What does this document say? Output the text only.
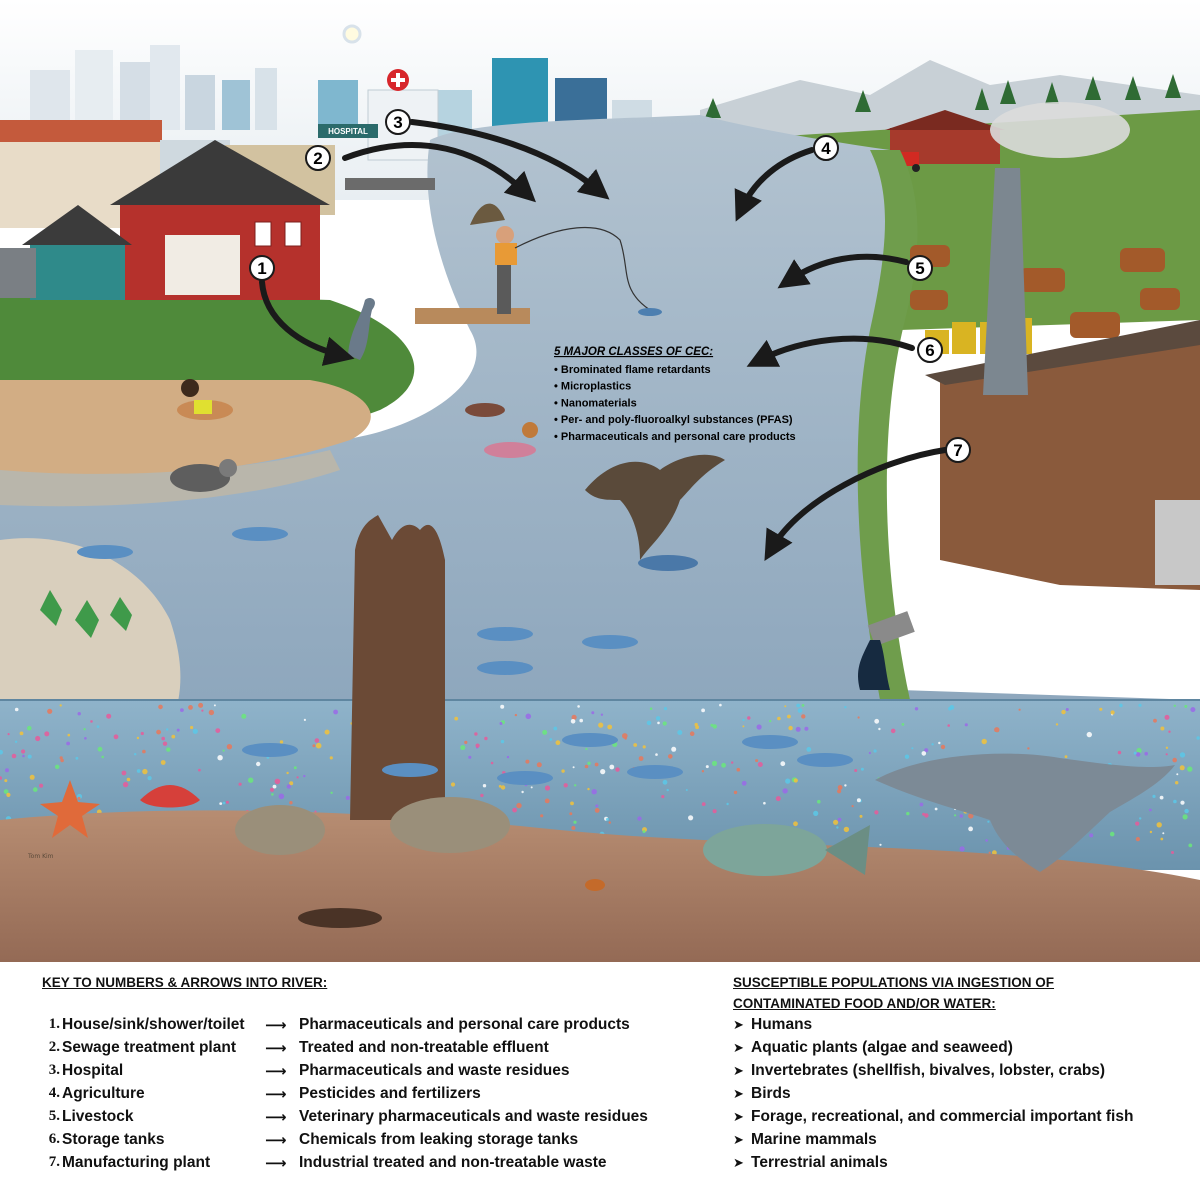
HOSPITAL
Tom Kim
1
2
3
4
5
6
7
5 MAJOR CLASSES OF CEC:
• Brominated flame retardants
• Microplastics
• Nanomaterials
• Per- and poly-fluoroalkyl substances (PFAS)
• Pharmaceuticals and personal care products
KEY TO NUMBERS & ARROWS INTO RIVER:	SUSCEPTIBLE POPULATIONS VIA INGESTION OF CONTAMINATED FOOD AND/OR WATER:
1. House/sink/shower/toilet ⟶ Pharmaceuticals and personal care products
2. Sewage treatment plant ⟶ Treated and non-treatable effluent
3. Hospital	⟶ Pharmaceuticals and waste residues
4. Agriculture	⟶ Pesticides and fertilizers
5. Livestock	⟶ Veterinary pharmaceuticals and waste residues
6. Storage tanks	⟶ Chemicals from leaking storage tanks
7. Manufacturing plant	⟶ Industrial treated and non-treatable waste
➤ Humans
➤ Aquatic plants (algae and seaweed)
➤ Invertebrates (shellfish, bivalves, lobster, crabs)
➤ Birds
➤ Forage, recreational, and commercial important fish
➤ Marine mammals
➤ Terrestrial animals
